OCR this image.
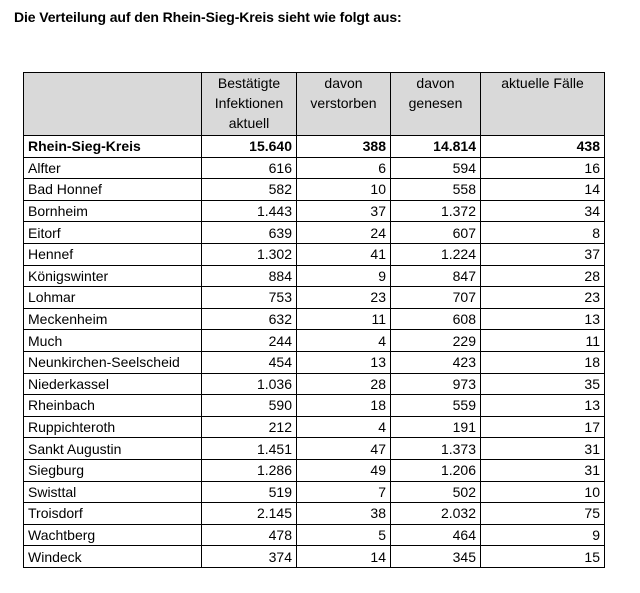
Die Verteilung auf den Rhein-Sieg-Kreis sieht wie folgt aus:
	Bestätigte Infektionen aktuell	davon verstorben	davon genesen	aktuelle Fälle
Rhein-Sieg-Kreis	15.640	388	14.814	438
Alfter	616	6	594	16
Bad Honnef	582	10	558	14
Bornheim	1.443	37	1.372	34
Eitorf	639	24	607	8
Hennef	1.302	41	1.224	37
Königswinter	884	9	847	28
Lohmar	753	23	707	23
Meckenheim	632	11	608	13
Much	244	4	229	11
Neunkirchen-Seelscheid	454	13	423	18
Niederkassel	1.036	28	973	35
Rheinbach	590	18	559	13
Ruppichteroth	212	4	191	17
Sankt Augustin	1.451	47	1.373	31
Siegburg	1.286	49	1.206	31
Swisttal	519	7	502	10
Troisdorf	2.145	38	2.032	75
Wachtberg	478	5	464	9
Windeck	374	14	345	15
